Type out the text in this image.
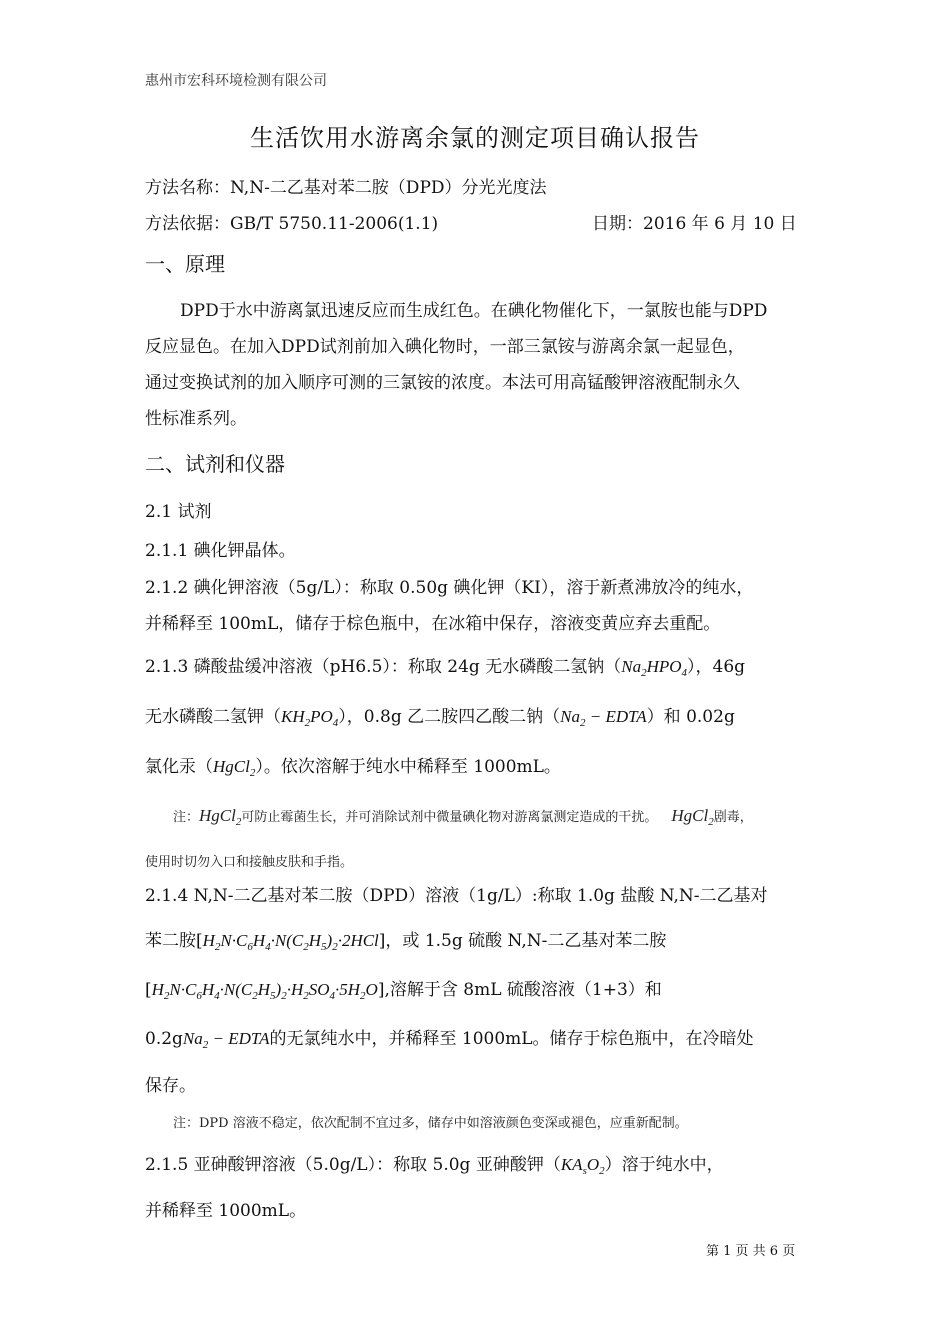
惠州市宏科环境检测有限公司
生活饮用水游离余氯的测定项目确认报告
方法名称：N,N-二乙基对苯二胺（DPD）分光光度法
方法依据：GB/T 5750.11-2006(1.1)	日期：2016 年 6 月 10 日
一、原理
DPD于水中游离氯迅速反应而生成红色。在碘化物催化下，一氯胺也能与DPD
反应显色。在加入DPD试剂前加入碘化物时，一部三氯铵与游离余氯一起显色，
通过变换试剂的加入顺序可测的三氯铵的浓度。本法可用高锰酸钾溶液配制永久
性标准系列。
二、试剂和仪器
2.1 试剂
2.1.1 碘化钾晶体。
2.1.2 碘化钾溶液（5g/L）：称取 0.50g 碘化钾（KI），溶于新煮沸放冷的纯水，
并稀释至 100mL，储存于棕色瓶中，在冰箱中保存，溶液变黄应弃去重配。
2.1.3 磷酸盐缓冲溶液（pH6.5）：称取 24g 无水磷酸二氢钠$(Na_2HPO_4)$，46g
无水磷酸二氢钾$(KH_2PO_4)$，0.8g 乙二胺四乙酸二钠（$Na_2$ − EDTA）和 0.02g
氯化汞（HgCl$_2$）。依次溶解于纯水中稀释至 1000mL。
注：HgCl$_2$可防止霉菌生长，并可消除试剂中微量碘化物对游离氯测定造成的干扰。 HgCl$_2$剧毒，
使用时切勿入口和接触皮肤和手指。
2.1.4 N,N-二乙基对苯二胺（DPD）溶液（1g/L）:称取 1.0g 盐酸 N,N-二乙基对
苯二胺$[H_2N\cdot C_6H_4\cdot N(C_2H_5)_2\cdot 2HCl]$，或 1.5g 硫酸 N,N-二乙基对苯二胺
$[H_2N\cdot C_6H_4\cdot N(C_2H_5)_2\cdot H_2SO_4\cdot 5H_2O]$,溶解于含 8mL 硫酸溶液（1+3）和
0.2gNa$_2$ − EDTA的无氯纯水中，并稀释至 1000mL。储存于棕色瓶中，在冷暗处
保存。
注：DPD 溶液不稳定，依次配制不宜过多，储存中如溶液颜色变深或褪色，应重新配制。
2.1.5 亚砷酸钾溶液（5.0g/L）：称取 5.0g 亚砷酸钾$(KA_sO_2)$溶于纯水中，
并稀释至 1000mL。
第 1 页 共 6 页
